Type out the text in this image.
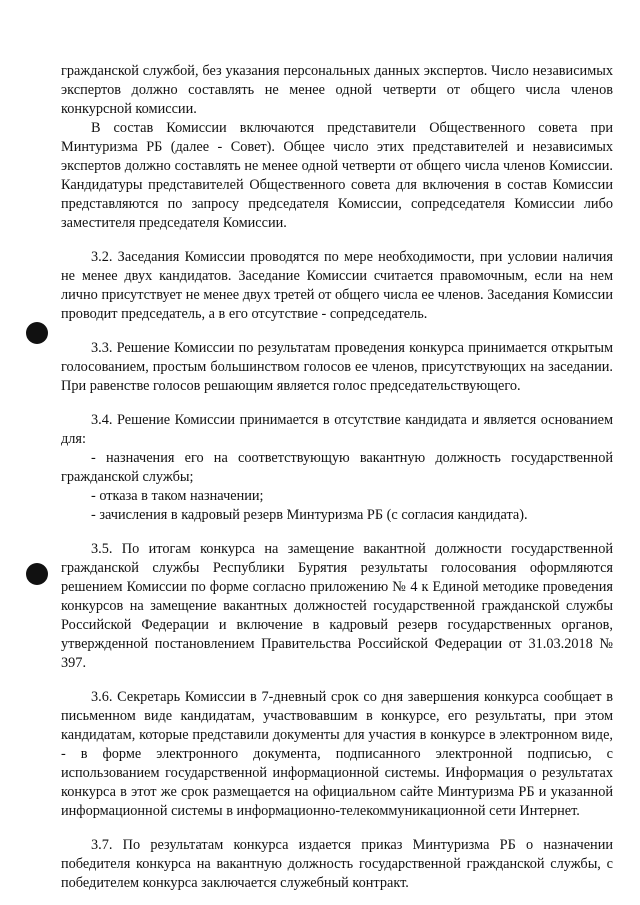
гражданской службой, без указания персональных данных экспертов. Число независимых экспертов должно составлять не менее одной четверти от общего числа членов конкурсной комиссии.

В состав Комиссии включаются представители Общественного совета при Минтуризма РБ (далее - Совет). Общее число этих представителей и независимых экспертов должно составлять не менее одной четверти от общего числа членов Комиссии. Кандидатуры представителей Общественного совета для включения в состав Комиссии представляются по запросу председателя Комиссии, сопредседателя Комиссии либо заместителя председателя Комиссии.

3.2. Заседания Комиссии проводятся по мере необходимости, при условии наличия не менее двух кандидатов. Заседание Комиссии считается правомочным, если на нем лично присутствует не менее двух третей от общего числа ее членов. Заседания Комиссии проводит председатель, а в его отсутствие - сопредседатель.

3.3. Решение Комиссии по результатам проведения конкурса принимается открытым голосованием, простым большинством голосов ее членов, присутствующих на заседании. При равенстве голосов решающим является голос председательствующего.

3.4. Решение Комиссии принимается в отсутствие кандидата и является основанием для:

- назначения его на соответствующую вакантную должность государственной гражданской службы;

- отказа в таком назначении;

- зачисления в кадровый резерв Минтуризма РБ (с согласия кандидата).

3.5. По итогам конкурса на замещение вакантной должности государственной гражданской службы Республики Бурятия результаты голосования оформляются решением Комиссии по форме согласно приложению № 4 к Единой методике проведения конкурсов на замещение вакантных должностей государственной гражданской службы Российской Федерации и включение в кадровый резерв государственных органов, утвержденной постановлением Правительства Российской Федерации от 31.03.2018 № 397.

3.6. Секретарь Комиссии в 7-дневный срок со дня завершения конкурса сообщает в письменном виде кандидатам, участвовавшим в конкурсе, его результаты, при этом кандидатам, которые представили документы для участия в конкурсе в электронном виде, - в форме электронного документа, подписанного электронной подписью, с использованием государственной информационной системы. Информация о результатах конкурса в этот же срок размещается на официальном сайте Минтуризма РБ и указанной информационной системы в информационно-телекоммуникационной сети Интернет.

3.7. По результатам конкурса издается приказ Минтуризма РБ о назначении победителя конкурса на вакантную должность государственной гражданской службы, с победителем конкурса заключается служебный контракт.
